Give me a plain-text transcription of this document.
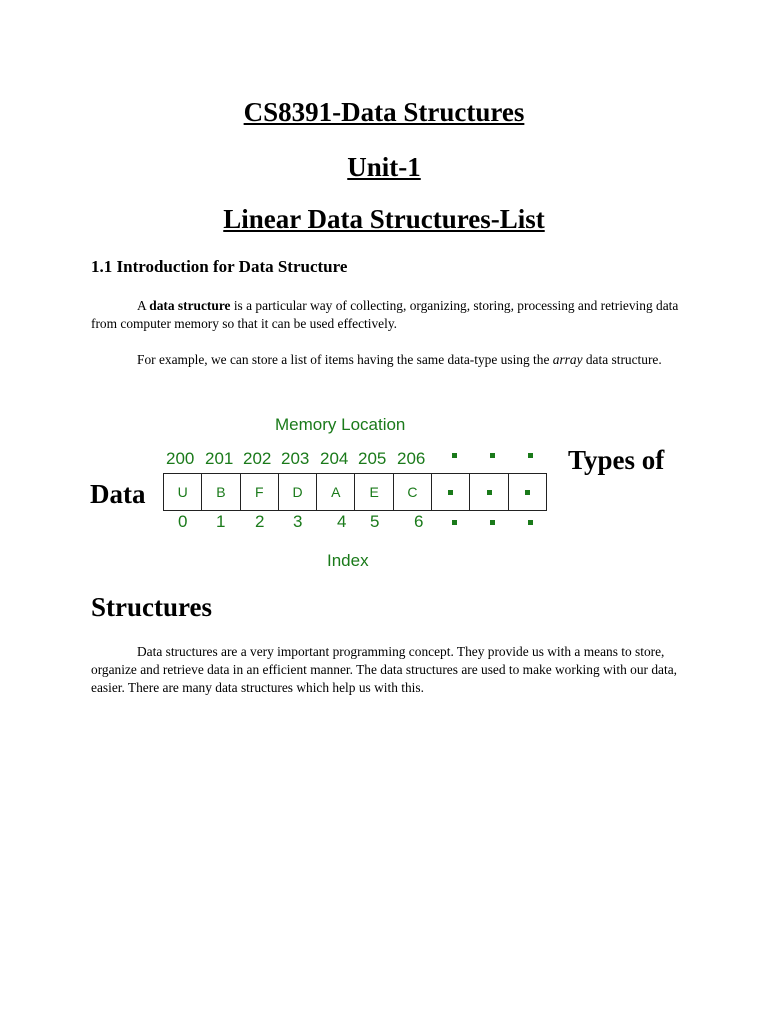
CS8391-Data Structures
Unit-1
Linear Data Structures-List
1.1 Introduction for Data Structure
A data structure is a particular way of collecting, organizing, storing, processing and retrieving data from computer memory so that it can be used effectively.
For example, we can store a list of items having the same data-type using the array data structure.
Memory Location
200 201 202 203 204 205 206
U	B	F	D	A	E	C
0 1 2 3 4 5 6
Index
Types of
Data
Structures
Data structures are a very important programming concept. They provide us with a means to store, organize and retrieve data in an efficient manner. The data structures are used to make working with our data, easier. There are many data structures which help us with this.
